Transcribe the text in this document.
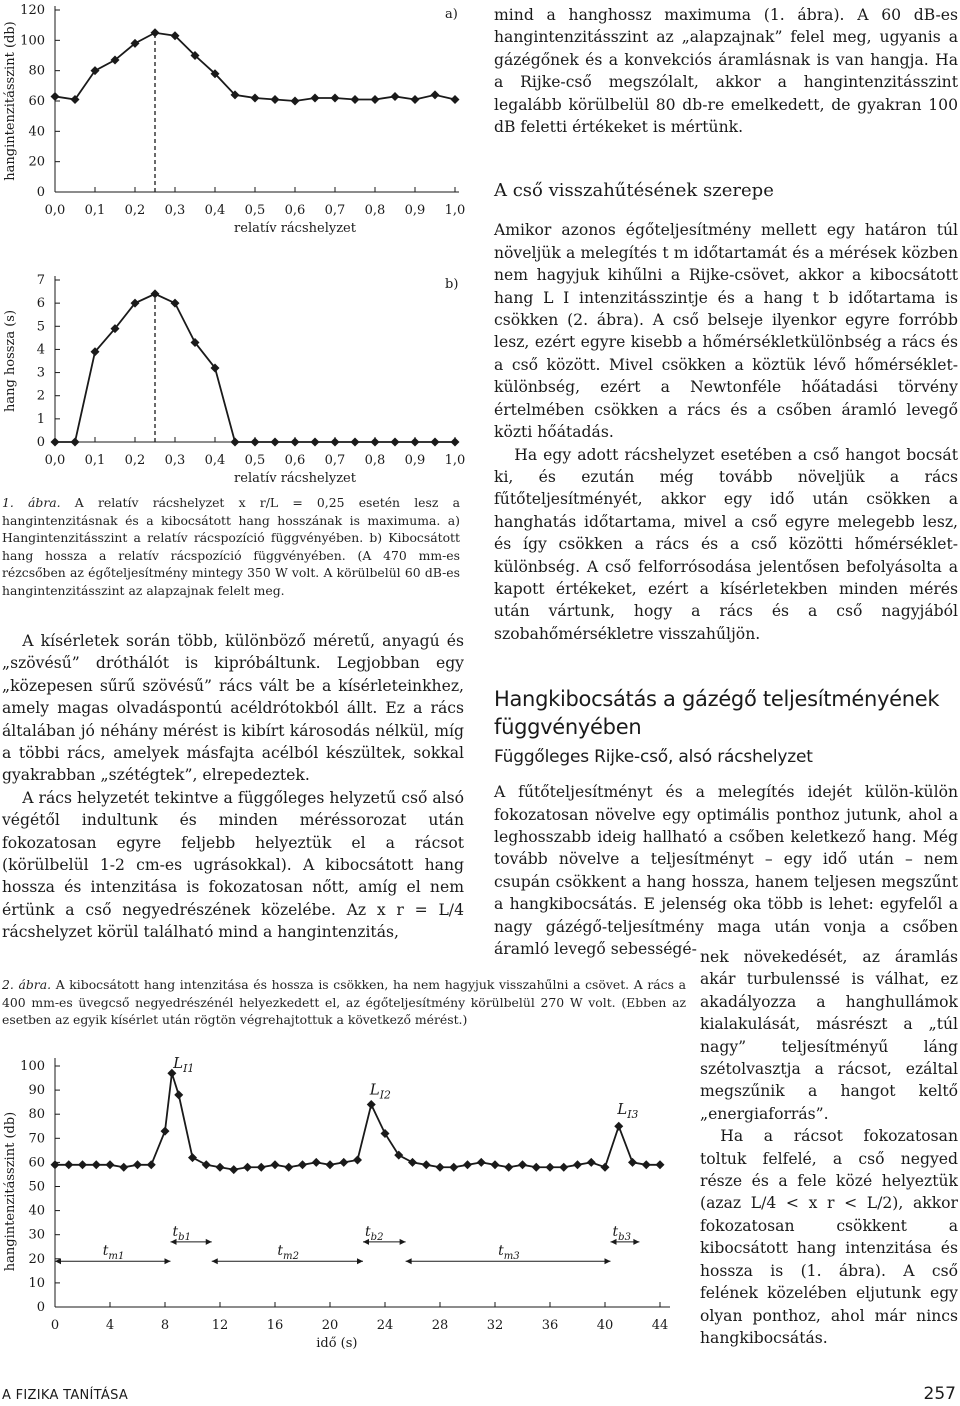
0
20
40
60
80
100
120
0,0 0,1 0,2 0,3 0,4 0,5 0,6 0,7 0,8 0,9 1,0
relatív rácshelyzet
hangintenzitásszint (db)
a)
0
1
2
3
4
5
6
7
0,0 0,1 0,2 0,3 0,4 0,5 0,6 0,7 0,8 0,9 1,0
relatív rácshelyzet
hang hossza (s)
b)

1. ábra. A relatív rácshelyzet x r/L = 0,25 esetén lesz a hangintenzitásnak és a kibocsátott hang hosszának is maximuma. a) Hangintenzitásszint a relatív rácspozíció függvényében. b) Kibocsátott hang hossza a relatív rácspozíció függvényében. (A 470 mm-es rézcsőben az égőteljesítmény mintegy 350 W volt. A körülbelül 60 dB-es hangintenzitásszint az alapzajnak felelt meg.

A kísérletek során több, különböző méretű, anyagú és „szövésű” dróthálót is kipróbáltunk. Legjobban egy „közepesen sűrű szövésű” rács vált be a kísérleteinkhez, amely magas olvadáspontú acéldrótokból állt. Ez a rács általában jó néhány mérést is kibírt károsodás nélkül, míg a többi rács, amelyek másfajta acélból készültek, sokkal gyakrabban „szétégtek”, elrepedeztek.

A rács helyzetét tekintve a függőleges helyzetű cső alsó végétől indultunk és minden méréssorozat után fokozatosan egyre feljebb helyeztük el a rácsot (körülbelül 1-2 cm-es ugrásokkal). A kibocsátott hang hossza és intenzitása is fokozatosan nőtt, amíg el nem értünk a cső negyedrészének közelébe. Az x r = L/4 rácshelyzet körül található mind a hangintenzitás,

mind a hanghossz maximuma (1. ábra). A 60 dB-es hangintenzitásszint az „alapzajnak” felel meg, ugyanis a gázégőnek és a konvekciós áramlásnak is van hangja. Ha a Rijke-cső megszólalt, akkor a hangintenzitásszint legalább körülbelül 80 db-re emelkedett, de gyakran 100 dB feletti értékeket is mértünk.

A cső visszahűtésének szerepe

Amikor azonos égőteljesítmény mellett egy határon túl növeljük a melegítés t m időtartamát és a mérések közben nem hagyjuk kihűlni a Rijke-csövet, akkor a kibocsátott hang L I intenzitásszintje és a hang t b időtartama is csökken (2. ábra). A cső belseje ilyenkor egyre forróbb lesz, ezért egyre kisebb a hőmérsékletkülönbség a rács és a cső között. Mivel csökken a köztük lévő hőmérséklet-különbség, ezért a Newtonféle hőátadási törvény értelmében csökken a rács és a csőben áramló levegő közti hőátadás.

Ha egy adott rácshelyzet esetében a cső hangot bocsát ki, és ezután még tovább növeljük a rács fűtőteljesítményét, akkor egy idő után csökken a hanghatás időtartama, mivel a cső egyre melegebb lesz, és így csökken a rács és a cső közötti hőmérséklet-különbség. A cső felforrósodása jelentősen befolyásolta a kapott értékeket, ezért a kísérletekben minden mérés után vártunk, hogy a rács és a cső nagyjából szobahőmérsékletre visszahűljön.

Hangkibocsátás a gázégő teljesítményének függvényében
Függőleges Rijke-cső, alsó rácshelyzet

A fűtőteljesítményt és a melegítés idejét külön-külön fokozatosan növelve egy optimális ponthoz jutunk, ahol a leghosszabb ideig hallható a csőben keletkező hang. Még tovább növelve a teljesítményt – egy idő után – nem csupán csökkent a hang hossza, hanem teljesen megszűnt a hangkibocsátás. E jelenség oka több is lehet: egyfelől a nagy gázégő-teljesítmény maga után vonja a csőben áramló levegő sebességé- nek növekedését, az áramlás akár turbulenssé is válhat, ez akadályozza a hanghullámok kialakulását, másrészt a „túl nagy” teljesítményű láng szétolvasztja a rácsot, ezáltal megszűnik a hangot keltő „energiaforrás”.

Ha a rácsot fokozatosan toltuk felfelé, a cső negyed része és a fele közé helyeztük (azaz L/4 < x r < L/2), akkor fokozatosan csökkent a kibocsátott hang intenzitása és hossza is (1. ábra). A cső felének közelében eljutunk egy olyan ponthoz, ahol már nincs hangkibocsátás.

2. ábra. A kibocsátott hang intenzitása és hossza is csökken, ha nem hagyjuk visszahűlni a csövet. A rács a 400 mm-es üvegcső negyedrészénél helyezkedett el, az égőteljesítmény körülbelül 270 W volt. (Ebben az esetben az egyik kísérlet után rögtön végrehajtottuk a következő mérést.)

0
10
20
30
40
50
60
70
80
90
100
0	4	8	12	16	20	24	28	32	36	40	44
idő (s)
hangintenzitásszint (db)
$L_{I1}$
$L_{I2}$
$L_{I3}$
$t_{m1}$
$t_{b1}$
$t_{m2}$
$t_{b2}$
$t_{m3}$
$t_{b3}$
A FIZIKA TANÍTÁSA	257
